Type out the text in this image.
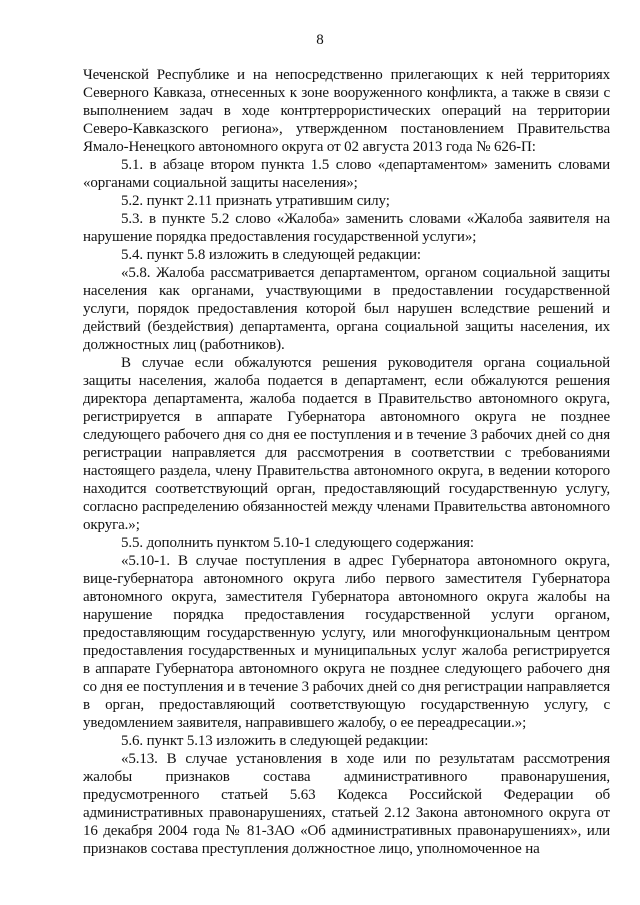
8

Чеченской Республике и на непосредственно прилегающих к ней территориях Северного Кавказа, отнесенных к зоне вооруженного конфликта, а также в связи с выполнением задач в ходе контртеррористических операций на территории Северо-Кавказского региона», утвержденном постановлением Правительства Ямало-Ненецкого автономного округа от 02 августа 2013 года № 626-П:

5.1. в абзаце втором пункта 1.5 слово «департаментом» заменить словами «органами социальной защиты населения»;

5.2. пункт 2.11 признать утратившим силу;

5.3. в пункте 5.2 слово «Жалоба» заменить словами «Жалоба заявителя на нарушение порядка предоставления государственной услуги»;

5.4. пункт 5.8 изложить в следующей редакции:

«5.8. Жалоба рассматривается департаментом, органом социальной защиты населения как органами, участвующими в предоставлении государственной услуги, порядок предоставления которой был нарушен вследствие решений и действий (бездействия) департамента, органа социальной защиты населения, их должностных лиц (работников).

В случае если обжалуются решения руководителя органа социальной защиты населения, жалоба подается в департамент, если обжалуются решения директора департамента, жалоба подается в Правительство автономного округа, регистрируется в аппарате Губернатора автономного округа не позднее следующего рабочего дня со дня ее поступления и в течение 3 рабочих дней со дня регистрации направляется для рассмотрения в соответствии с требованиями настоящего раздела, члену Правительства автономного округа, в ведении которого находится соответствующий орган, предоставляющий государственную услугу, согласно распределению обязанностей между членами Правительства автономного округа.»;

5.5. дополнить пунктом 5.10-1 следующего содержания:

«5.10-1. В случае поступления в адрес Губернатора автономного округа, вице-губернатора автономного округа либо первого заместителя Губернатора автономного округа, заместителя Губернатора автономного округа жалобы на нарушение порядка предоставления государственной услуги органом, предоставляющим государственную услугу, или многофункциональным центром предоставления государственных и муниципальных услуг жалоба регистрируется в аппарате Губернатора автономного округа не позднее следующего рабочего дня со дня ее поступления и в течение 3 рабочих дней со дня регистрации направляется в орган, предоставляющий соответствующую государственную услугу, с уведомлением заявителя, направившего жалобу, о ее переадресации.»;

5.6. пункт 5.13 изложить в следующей редакции:

«5.13. В случае установления в ходе или по результатам рассмотрения жалобы признаков состава административного правонарушения, предусмотренного статьей 5.63 Кодекса Российской Федерации об административных правонарушениях, статьей 2.12 Закона автономного округа от 16 декабря 2004 года № 81-ЗАО «Об административных правонарушениях», или признаков состава преступления должностное лицо, уполномоченное на
